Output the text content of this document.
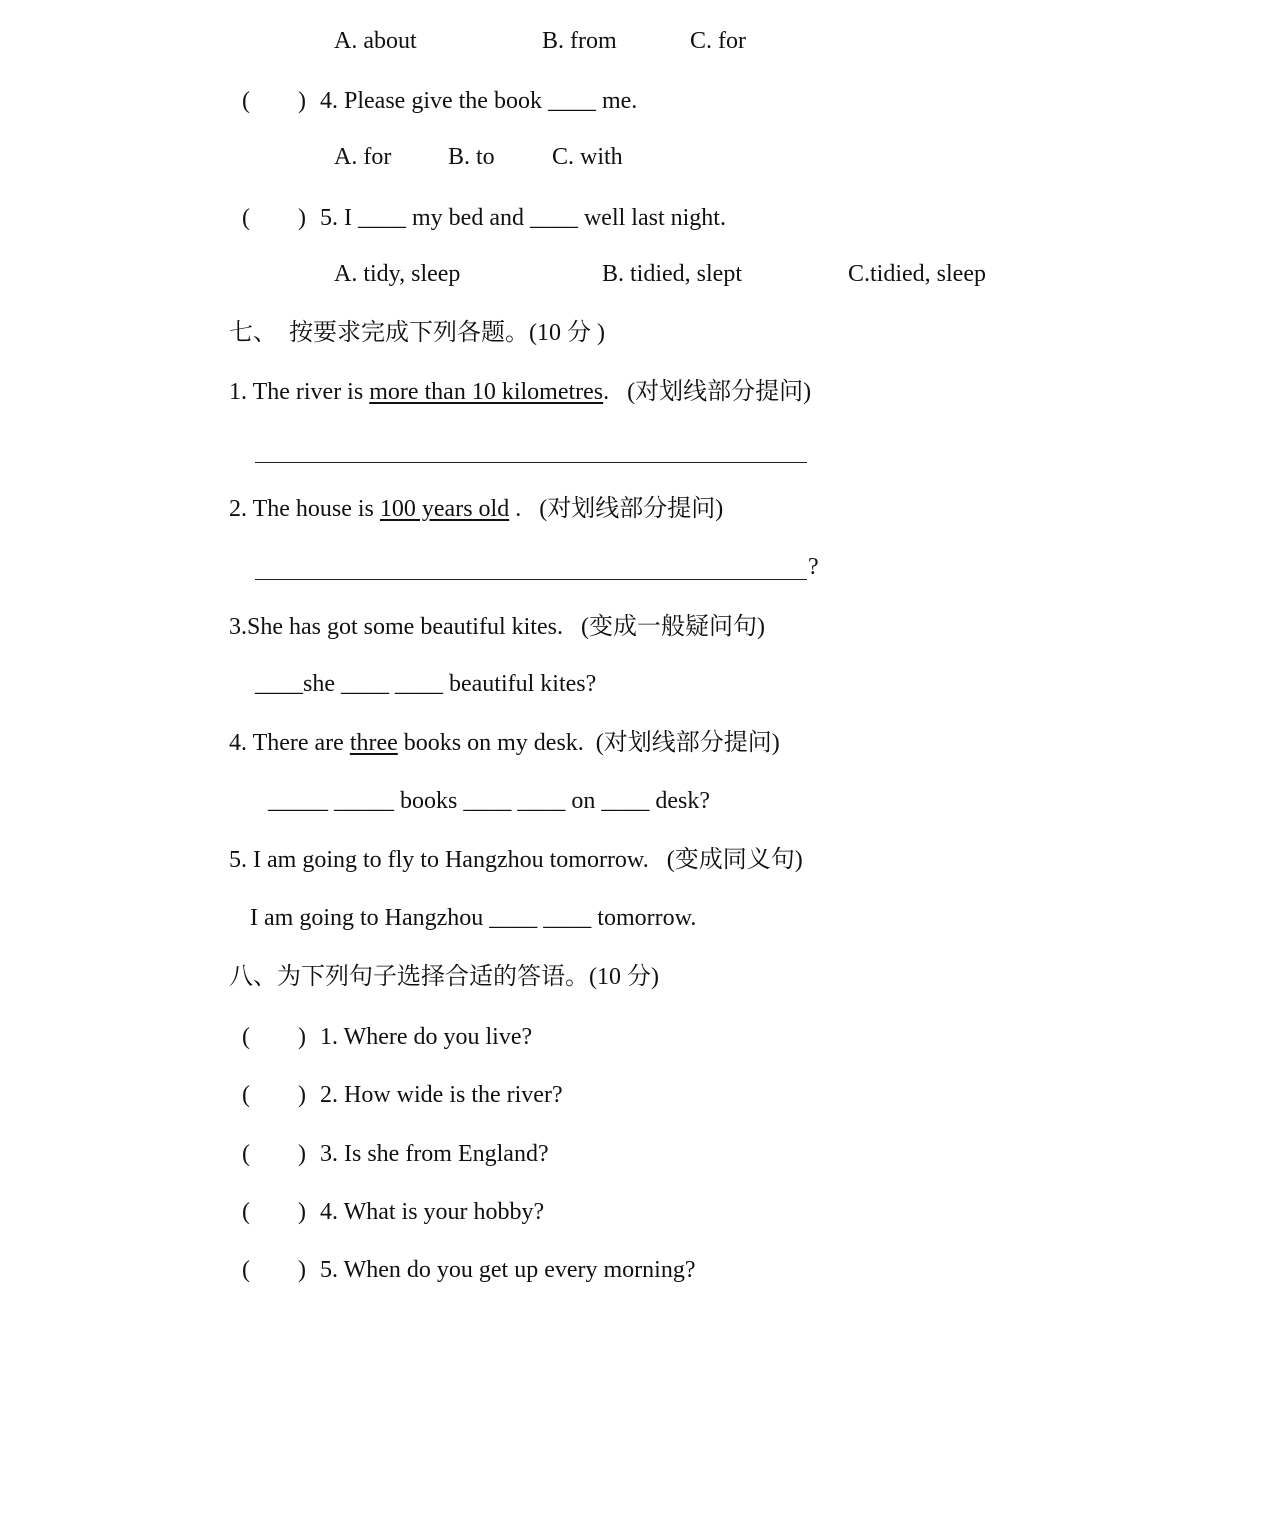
A. about	B. from	C. for
(        ) 4. Please give the book ____ me.
A. for B. to C. with
(        ) 5. I ____ my bed and ____ well last night.
A. tidy, sleep	B. tidied, slept	C.tidied, sleep
七、  按要求完成下列各题。(10 分 )
1. The river is more than 10 kilometres.   (对划线部分提问)
2. The house is 100 years old .   (对划线部分提问)
?
3.She has got some beautiful kites.   (变成一般疑问句)
____she ____ ____ beautiful kites?
4. There are three books on my desk.  (对划线部分提问)
_____ _____ books ____ ____ on ____ desk?
5. I am going to fly to Hangzhou tomorrow.   (变成同义句)
I am going to Hangzhou ____ ____ tomorrow.
八、为下列句子选择合适的答语。(10 分)
(        ) 1. Where do you live?
(        ) 2. How wide is the river?
(        ) 3. Is she from England?
(        ) 4. What is your hobby?
(        ) 5. When do you get up every morning?
